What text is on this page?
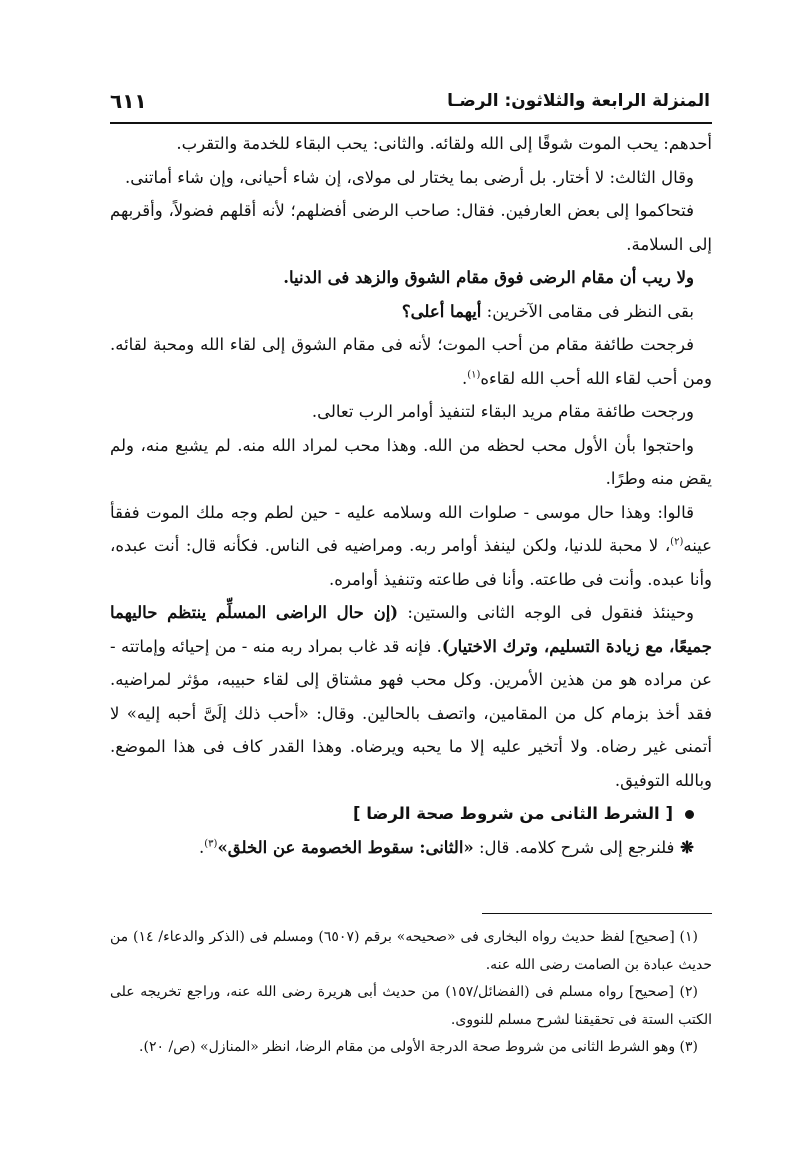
المنزلة الرابعة والثلاثون: الرضـا
٦١١

أحدهم: يحب الموت شوقًا إلى الله ولقائه. والثانى: يحب البقاء للخدمة والتقرب.

وقال الثالث: لا أختار. بل أرضى بما يختار لى مولاى، إن شاء أحيانى، وإن شاء أماتنى.

فتحاكموا إلى بعض العارفين. فقال: صاحب الرضى أفضلهم؛ لأنه أقلهم فضولاً، وأقربهم إلى السلامة.

ولا ريب أن مقام الرضى فوق مقام الشوق والزهد فى الدنيا.

بقى النظر فى مقامى الآخرين: أيهما أعلى؟

فرجحت طائفة مقام من أحب الموت؛ لأنه فى مقام الشوق إلى لقاء الله ومحبة لقائه. ومن أحب لقاء الله أحب الله لقاءه$^{(١)}$.

ورجحت طائفة مقام مريد البقاء لتنفيذ أوامر الرب تعالى.

واحتجوا بأن الأول محب لحظه من الله. وهذا محب لمراد الله منه. لم يشبع منه، ولم يقض منه وطرًا.

قالوا: وهذا حال موسى - صلوات الله وسلامه عليه - حين لطم وجه ملك الموت ففقأ عينه$^{(٢)}$، لا محبة للدنيا، ولكن لينفذ أوامر ربه. ومراضيه فى الناس. فكأنه قال: أنت عبده، وأنا عبده. وأنت فى طاعته. وأنا فى طاعته وتنفيذ أوامره.

وحينئذ فنقول فى الوجه الثانى والستين: (إن حال الراضى المسلِّم ينتظم حاليهما جميعًا، مع زيادة التسليم، وترك الاختيار). فإنه قد غاب بمراد ربه منه - من إحيائه وإماتته - عن مراده هو من هذين الأمرين. وكل محب فهو مشتاق إلى لقاء حبيبه، مؤثر لمراضيه. فقد أخذ بزمام كل من المقامين، واتصف بالحالين. وقال: «أحب ذلك إلَىَّ أحبه إليه» لا أتمنى غير رضاه. ولا أتخير عليه إلا ما يحبه ويرضاه. وهذا القدر كاف فى هذا الموضع. وبالله التوفيق.

[ الشرط الثانى من شروط صحة الرضا ]

❋ فلنرجع إلى شرح كلامه. قال: «الثانى: سقوط الخصومة عن الخلق»$^{(٣)}$.

(١) [صحيح] لفظ حديث رواه البخارى فى «صحيحه» برقم (٦٥٠٧) ومسلم فى (الذكر والدعاء/ ١٤) من حديث عبادة بن الصامت رضى الله عنه.

(٢) [صحيح] رواه مسلم فى (الفضائل/١٥٧) من حديث أبى هريرة رضى الله عنه، وراجع تخريجه على الكتب الستة فى تحقيقنا لشرح مسلم للنووى.

(٣) وهو الشرط الثانى من شروط صحة الدرجة الأولى من مقام الرضا، انظر «المنازل» (ص/ ٢٠).
